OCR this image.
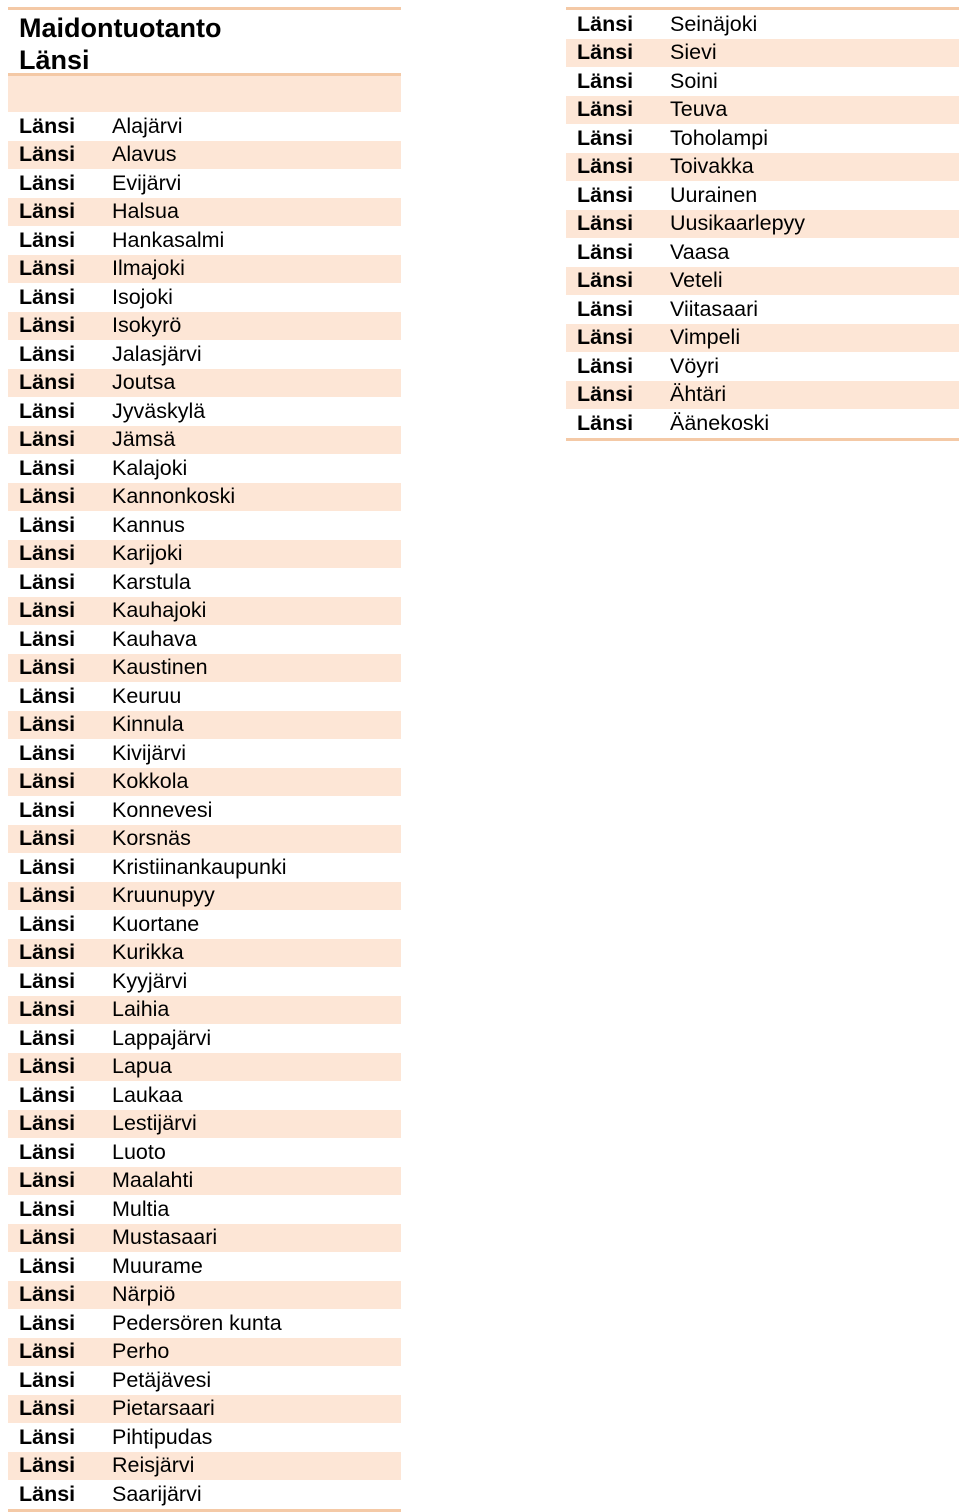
Maidontuotanto
Länsi
Länsi	Alajärvi
Länsi	Alavus
Länsi	Evijärvi
Länsi	Halsua
Länsi	Hankasalmi
Länsi	Ilmajoki
Länsi	Isojoki
Länsi	Isokyrö
Länsi	Jalasjärvi
Länsi	Joutsa
Länsi	Jyväskylä
Länsi	Jämsä
Länsi	Kalajoki
Länsi	Kannonkoski
Länsi	Kannus
Länsi	Karijoki
Länsi	Karstula
Länsi	Kauhajoki
Länsi	Kauhava
Länsi	Kaustinen
Länsi	Keuruu
Länsi	Kinnula
Länsi	Kivijärvi
Länsi	Kokkola
Länsi	Konnevesi
Länsi	Korsnäs
Länsi	Kristiinankaupunki
Länsi	Kruunupyy
Länsi	Kuortane
Länsi	Kurikka
Länsi	Kyyjärvi
Länsi	Laihia
Länsi	Lappajärvi
Länsi	Lapua
Länsi	Laukaa
Länsi	Lestijärvi
Länsi	Luoto
Länsi	Maalahti
Länsi	Multia
Länsi	Mustasaari
Länsi	Muurame
Länsi	Närpiö
Länsi	Pedersören kunta
Länsi	Perho
Länsi	Petäjävesi
Länsi	Pietarsaari
Länsi	Pihtipudas
Länsi	Reisjärvi
Länsi	Saarijärvi
Länsi	Seinäjoki
Länsi	Sievi
Länsi	Soini
Länsi	Teuva
Länsi	Toholampi
Länsi	Toivakka
Länsi	Uurainen
Länsi	Uusikaarlepyy
Länsi	Vaasa
Länsi	Veteli
Länsi	Viitasaari
Länsi	Vimpeli
Länsi	Vöyri
Länsi	Ähtäri
Länsi	Äänekoski
